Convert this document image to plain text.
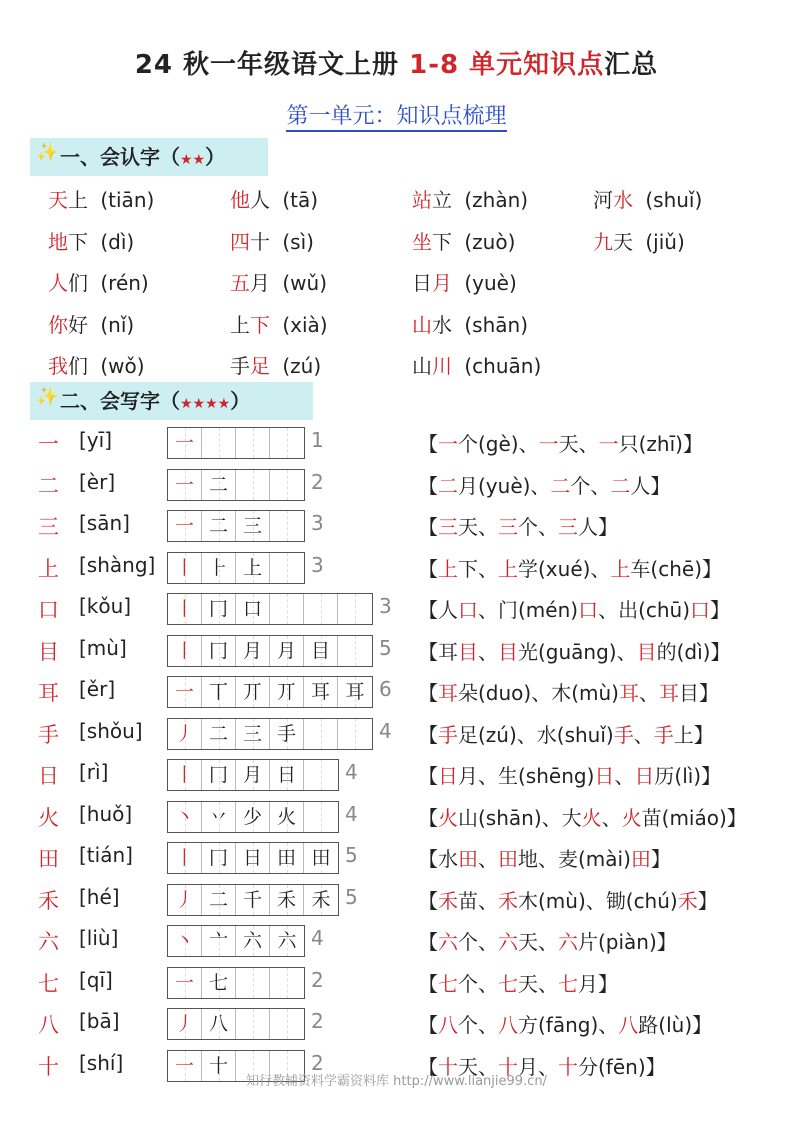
24 秋一年级语文上册 1-8 单元知识点汇总
第一单元：知识点梳理
✨ 一、会认字（★★）
天上 (tiān)	他人 (tā)	站立 (zhàn)	河水 (shuǐ)
地下 (dì)	四十 (sì)	坐下 (zuò)	九天 (jiǔ)
人们 (rén)	五月 (wǔ)	日月 (yuè)
你好 (nǐ)	上下 (xià)	山水 (shān)
我们 (wǒ)	手足 (zú)	山川 (chuān)
✨ 二、会写字（★★★★）
一 [yī]	一	1	【一个(gè)、一天、一只(zhī)】
二 [èr]	一 二	2	【二月(yuè)、二个、二人】
三 [sān]	一 二 三	3	【三天、三个、三人】
上 [shàng]	丨 ⺊ 上	3	【上下、上学(xué)、上车(chē)】
口 [kǒu]	丨 冂 口	3 【人口、门(mén)口、出(chū)口】
目 [mù]	丨 冂 月 月 目	5 【耳目、目光(guāng)、目的(dì)】
耳 [ěr]	一 丅 丌 丌 耳 耳 6 【耳朵(duo)、木(mù)耳、耳目】
手 [shǒu]	丿 二 三 手	4 【手足(zú)、水(shuǐ)手、手上】
日 [rì]	丨 冂 月 日	4	【日月、生(shēng)日、日历(lì)】
火 [huǒ]	丶 丷 少 火	4	【火山(shān)、大火、火苗(miáo)】
田 [tián]	丨 冂 日 田 田 5	【水田、田地、麦(mài)田】
禾 [hé]	丿 二 千 禾 禾 5	【禾苗、禾木(mù)、锄(chú)禾】
六 [liù]	丶 亠 六 六 4	【六个、六天、六片(piàn)】
七 [qī]	一 七	2	【七个、七天、七月】
八 [bā]	丿 八	2	【八个、八方(fāng)、八路(lù)】
十 [shí]	一 十	2	【十天、十月、十分(fēn)】
知行教辅资料学霸资料库 http://www.lianjie99.cn/
